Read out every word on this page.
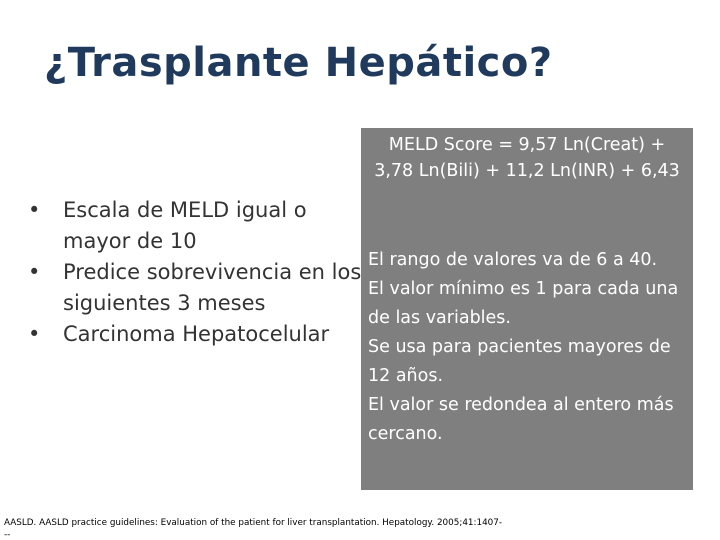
¿Trasplante Hepático?
• Escala de MELD igual o mayor de 10
• Predice sobrevivencia en los siguientes 3 meses
• Carcinoma Hepatocelular
MELD Score = 9,57 Ln(Creat) + 3,78 Ln(Bili) + 11,2 Ln(INR) + 6,43

El rango de valores va de 6 a 40.

El valor mínimo es 1 para cada una de las variables.

Se usa para pacientes mayores de 12 años.

El valor se redondea al entero más cercano.

AASLD. AASLD practice guidelines: Evaluation of the patient for liver transplantation. Hepatology. 2005;41:1407-
--
